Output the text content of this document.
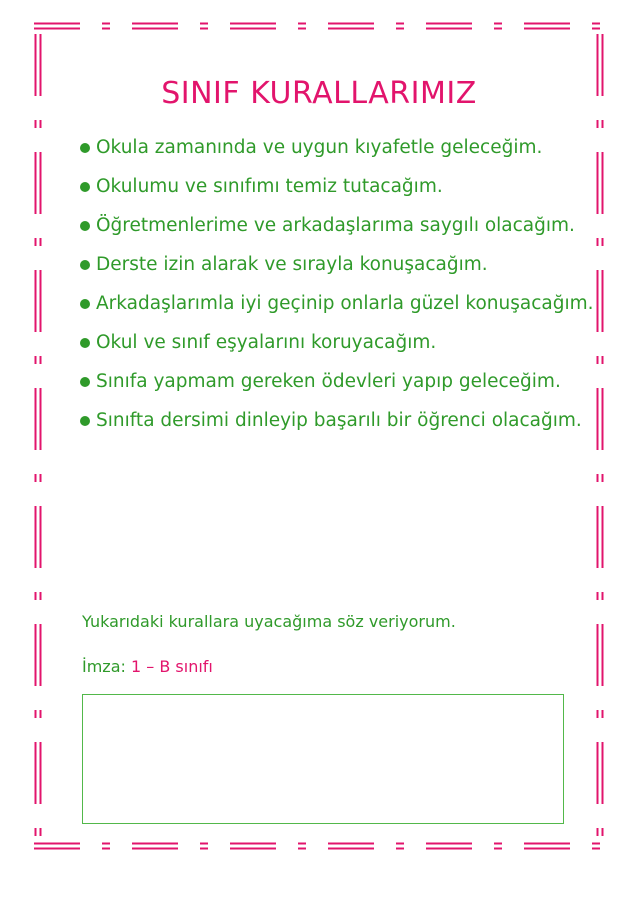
SINIF KURALLARIMIZ
Okula zamanında ve uygun kıyafetle geleceğim.
Okulumu ve sınıfımı temiz tutacağım.
Öğretmenlerime ve arkadaşlarıma saygılı olacağım.
Derste izin alarak ve sırayla konuşacağım.
Arkadaşlarımla iyi geçinip onlarla güzel konuşacağım.
Okul ve sınıf eşyalarını koruyacağım.
Sınıfa yapmam gereken ödevleri yapıp geleceğim.
Sınıfta dersimi dinleyip başarılı bir öğrenci olacağım.
Yukarıdaki kurallara uyacağıma söz veriyorum.
İmza: 1 – B sınıfı
